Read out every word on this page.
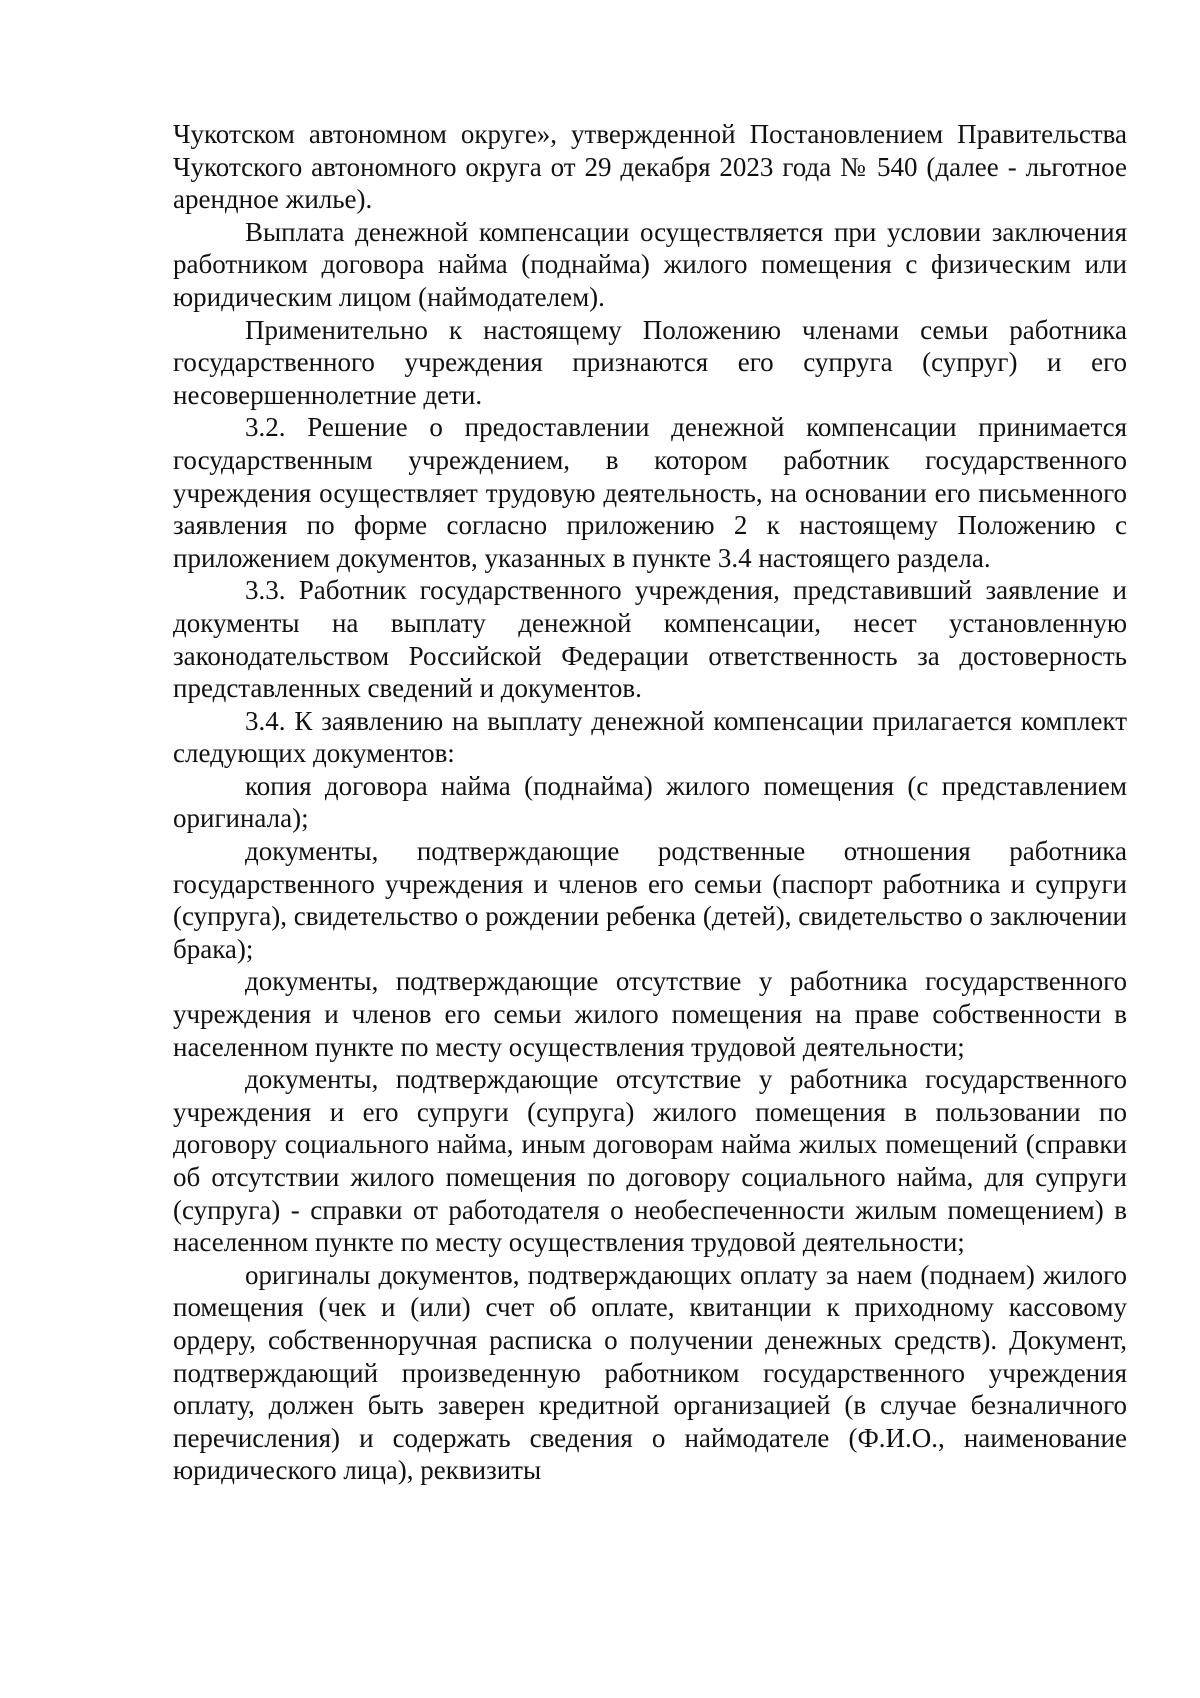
Чукотском автономном округе», утвержденной Постановлением Правительства Чукотского автономного округа от 29 декабря 2023 года № 540 (далее - льготное арендное жилье).

Выплата денежной компенсации осуществляется при условии заключения работником договора найма (поднайма) жилого помещения с физическим или юридическим лицом (наймодателем).

Применительно к настоящему Положению членами семьи работника государственного учреждения признаются его супруга (супруг) и его несовершеннолетние дети.

3.2. Решение о предоставлении денежной компенсации принимается государственным учреждением, в котором работник государственного учреждения осуществляет трудовую деятельность, на основании его письменного заявления по форме согласно приложению 2 к настоящему Положению с приложением документов, указанных в пункте 3.4 настоящего раздела.

3.3. Работник государственного учреждения, представивший заявление и документы на выплату денежной компенсации, несет установленную законодательством Российской Федерации ответственность за достоверность представленных сведений и документов.

3.4. К заявлению на выплату денежной компенсации прилагается комплект следующих документов:

копия договора найма (поднайма) жилого помещения (с представлением оригинала);

документы, подтверждающие родственные отношения работника государственного учреждения и членов его семьи (паспорт работника и супруги (супруга), свидетельство о рождении ребенка (детей), свидетельство о заключении брака);

документы, подтверждающие отсутствие у работника государственного учреждения и членов его семьи жилого помещения на праве собственности в населенном пункте по месту осуществления трудовой деятельности;

документы, подтверждающие отсутствие у работника государственного учреждения и его супруги (супруга) жилого помещения в пользовании по договору социального найма, иным договорам найма жилых помещений (справки об отсутствии жилого помещения по договору социального найма, для супруги (супруга) - справки от работодателя о необеспеченности жилым помещением) в населенном пункте по месту осуществления трудовой деятельности;

оригиналы документов, подтверждающих оплату за наем (поднаем) жилого помещения (чек и (или) счет об оплате, квитанции к приходному кассовому ордеру, собственноручная расписка о получении денежных средств). Документ, подтверждающий произведенную работником государственного учреждения оплату, должен быть заверен кредитной организацией (в случае безналичного перечисления) и содержать сведения о наймодателе (Ф.И.О., наименование юридического лица), реквизиты
